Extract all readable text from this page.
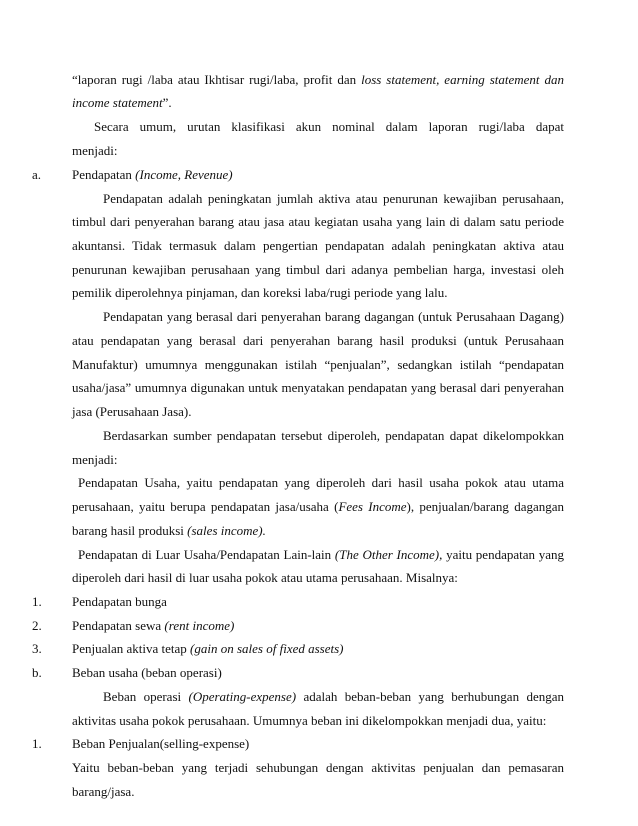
“laporan rugi /laba atau Ikhtisar rugi/laba, profit dan loss statement, earning statement dan
income statement”.
Secara umum, urutan klasifikasi akun nominal dalam laporan rugi/laba dapat
menjadi:
a. Pendapatan (Income, Revenue)
Pendapatan adalah peningkatan jumlah aktiva atau penurunan kewajiban perusahaan,
timbul dari penyerahan barang atau jasa atau kegiatan usaha yang lain di dalam satu periode
akuntansi. Tidak termasuk dalam pengertian pendapatan adalah peningkatan aktiva atau
penurunan kewajiban perusahaan yang timbul dari adanya pembelian harga, investasi oleh
pemilik diperolehnya pinjaman, dan koreksi laba/rugi periode yang lalu.
Pendapatan yang berasal dari penyerahan barang dagangan (untuk Perusahaan Dagang)
atau pendapatan yang berasal dari penyerahan barang hasil produksi (untuk Perusahaan
Manufaktur) umumnya menggunakan istilah “penjualan”, sedangkan istilah “pendapatan
usaha/jasa” umumnya digunakan untuk menyatakan pendapatan yang berasal dari penyerahan
jasa (Perusahaan Jasa).
Berdasarkan sumber pendapatan tersebut diperoleh, pendapatan dapat dikelompokkan
menjadi:
Pendapatan Usaha, yaitu pendapatan yang diperoleh dari hasil usaha pokok atau utama
perusahaan, yaitu berupa pendapatan jasa/usaha (Fees Income), penjualan/barang dagangan
barang hasil produksi (sales income).
Pendapatan di Luar Usaha/Pendapatan Lain-lain (The Other Income), yaitu pendapatan yang
diperoleh dari hasil di luar usaha pokok atau utama perusahaan. Misalnya:
1. Pendapatan bunga
2. Pendapatan sewa (rent income)
3. Penjualan aktiva tetap (gain on sales of fixed assets)
b. Beban usaha (beban operasi)
Beban operasi (Operating-expense) adalah beban-beban yang berhubungan dengan
aktivitas usaha pokok perusahaan. Umumnya beban ini dikelompokkan menjadi dua, yaitu:
1. Beban Penjualan(selling-expense)
Yaitu beban-beban yang terjadi sehubungan dengan aktivitas penjualan dan pemasaran
barang/jasa.
